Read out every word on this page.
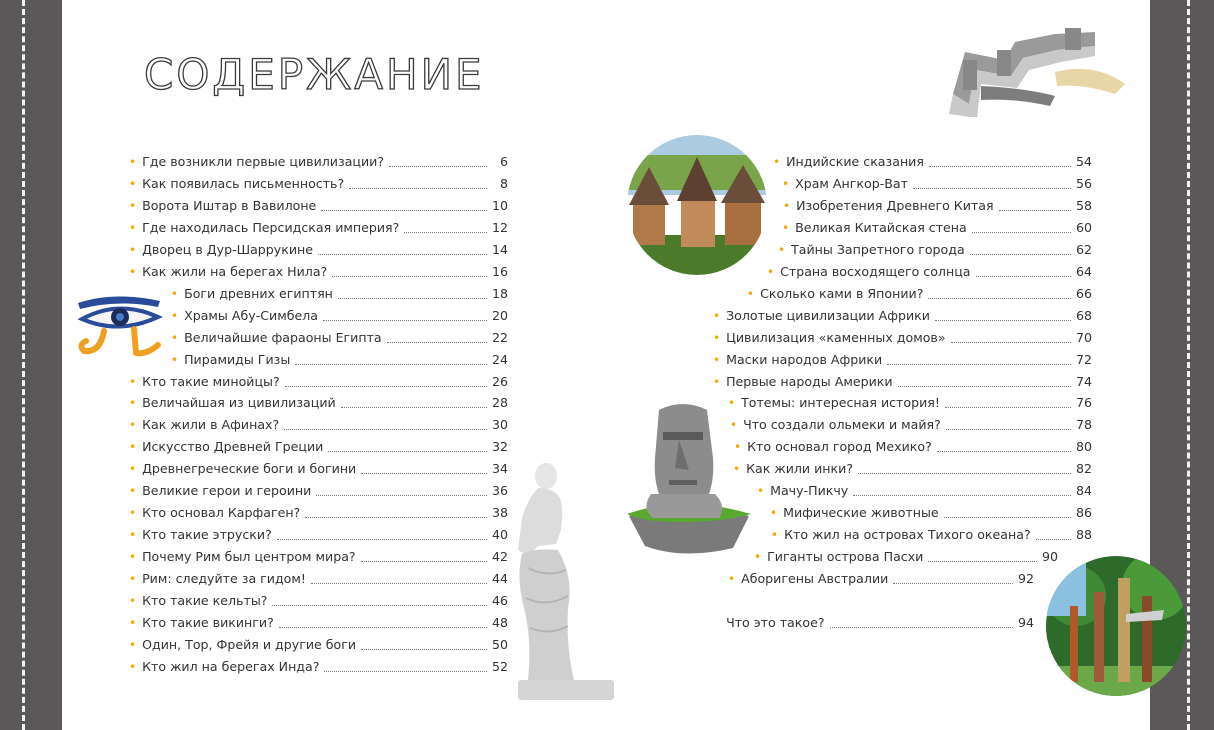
СОДЕРЖАНИЕ
• Где возникли первые цивилизации?	6
• Как появилась письменность?	8
• Ворота Иштар в Вавилоне	10
• Где находилась Персидская империя?	12
• Дворец в Дур-Шаррукине	14
• Как жили на берегах Нила?	16
• Боги древних египтян	18
• Храмы Абу-Симбела	20
• Величайшие фараоны Египта	22
• Пирамиды Гизы	24
• Кто такие минойцы?	26
• Величайшая из цивилизаций	28
• Как жили в Афинах?	30
• Искусство Древней Греции	32
• Древнегреческие боги и богини	34
• Великие герои и героини	36
• Кто основал Карфаген?	38
• Кто такие этруски?	40
• Почему Рим был центром мира?	42
• Рим: следуйте за гидом!	44
• Кто такие кельты?	46
• Кто такие викинги?	48
• Один, Тор, Фрейя и другие боги	50
• Кто жил на берегах Инда?	52
• Индийские сказания	54
• Храм Ангкор-Ват	56
• Изобретения Древнего Китая	58
• Великая Китайская стена	60
• Тайны Запретного города	62
• Страна восходящего солнца	64
• Сколько ками в Японии?	66
• Золотые цивилизации Африки	68
• Цивилизация «каменных домов»	70
• Маски народов Африки	72
• Первые народы Америки	74
• Тотемы: интересная история!	76
• Что создали ольмеки и майя?	78
• Кто основал город Мехико?	80
• Как жили инки?	82
• Мачу-Пикчу	84
• Мифические животные	86
• Кто жил на островах Тихого океана?	88
• Гиганты острова Пасхи	90
• Аборигены Австралии	92
Что это такое?	94
